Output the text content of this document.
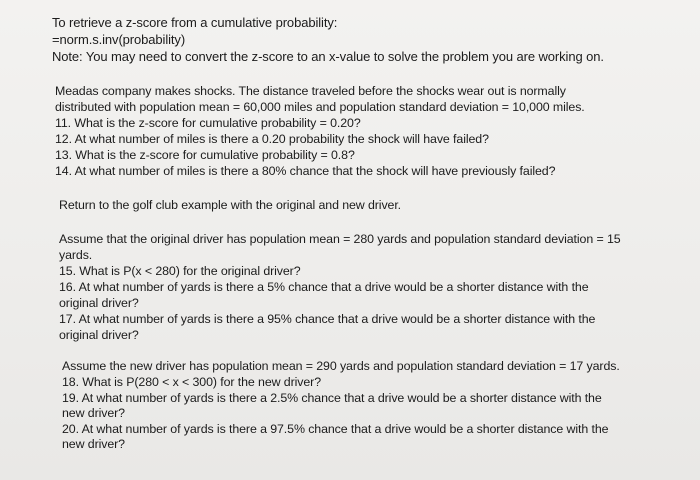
To retrieve a z-score from a cumulative probability:
=norm.s.inv(probability)
Note: You may need to convert the z-score to an x-value to solve the problem you are working on.
Meadas company makes shocks. The distance traveled before the shocks wear out is normally
distributed with population mean = 60,000 miles and population standard deviation = 10,000 miles.
11. What is the z-score for cumulative probability = 0.20?
12. At what number of miles is there a 0.20 probability the shock will have failed?
13. What is the z-score for cumulative probability = 0.8?
14. At what number of miles is there a 80% chance that the shock will have previously failed?
Return to the golf club example with the original and new driver.
Assume that the original driver has population mean = 280 yards and population standard deviation = 15
yards.
15. What is P(x < 280) for the original driver?
16. At what number of yards is there a 5% chance that a drive would be a shorter distance with the
original driver?
17. At what number of yards is there a 95% chance that a drive would be a shorter distance with the
original driver?
Assume the new driver has population mean = 290 yards and population standard deviation = 17 yards.
18. What is P(280 < x < 300) for the new driver?
19. At what number of yards is there a 2.5% chance that a drive would be a shorter distance with the
new driver?
20. At what number of yards is there a 97.5% chance that a drive would be a shorter distance with the
new driver?
